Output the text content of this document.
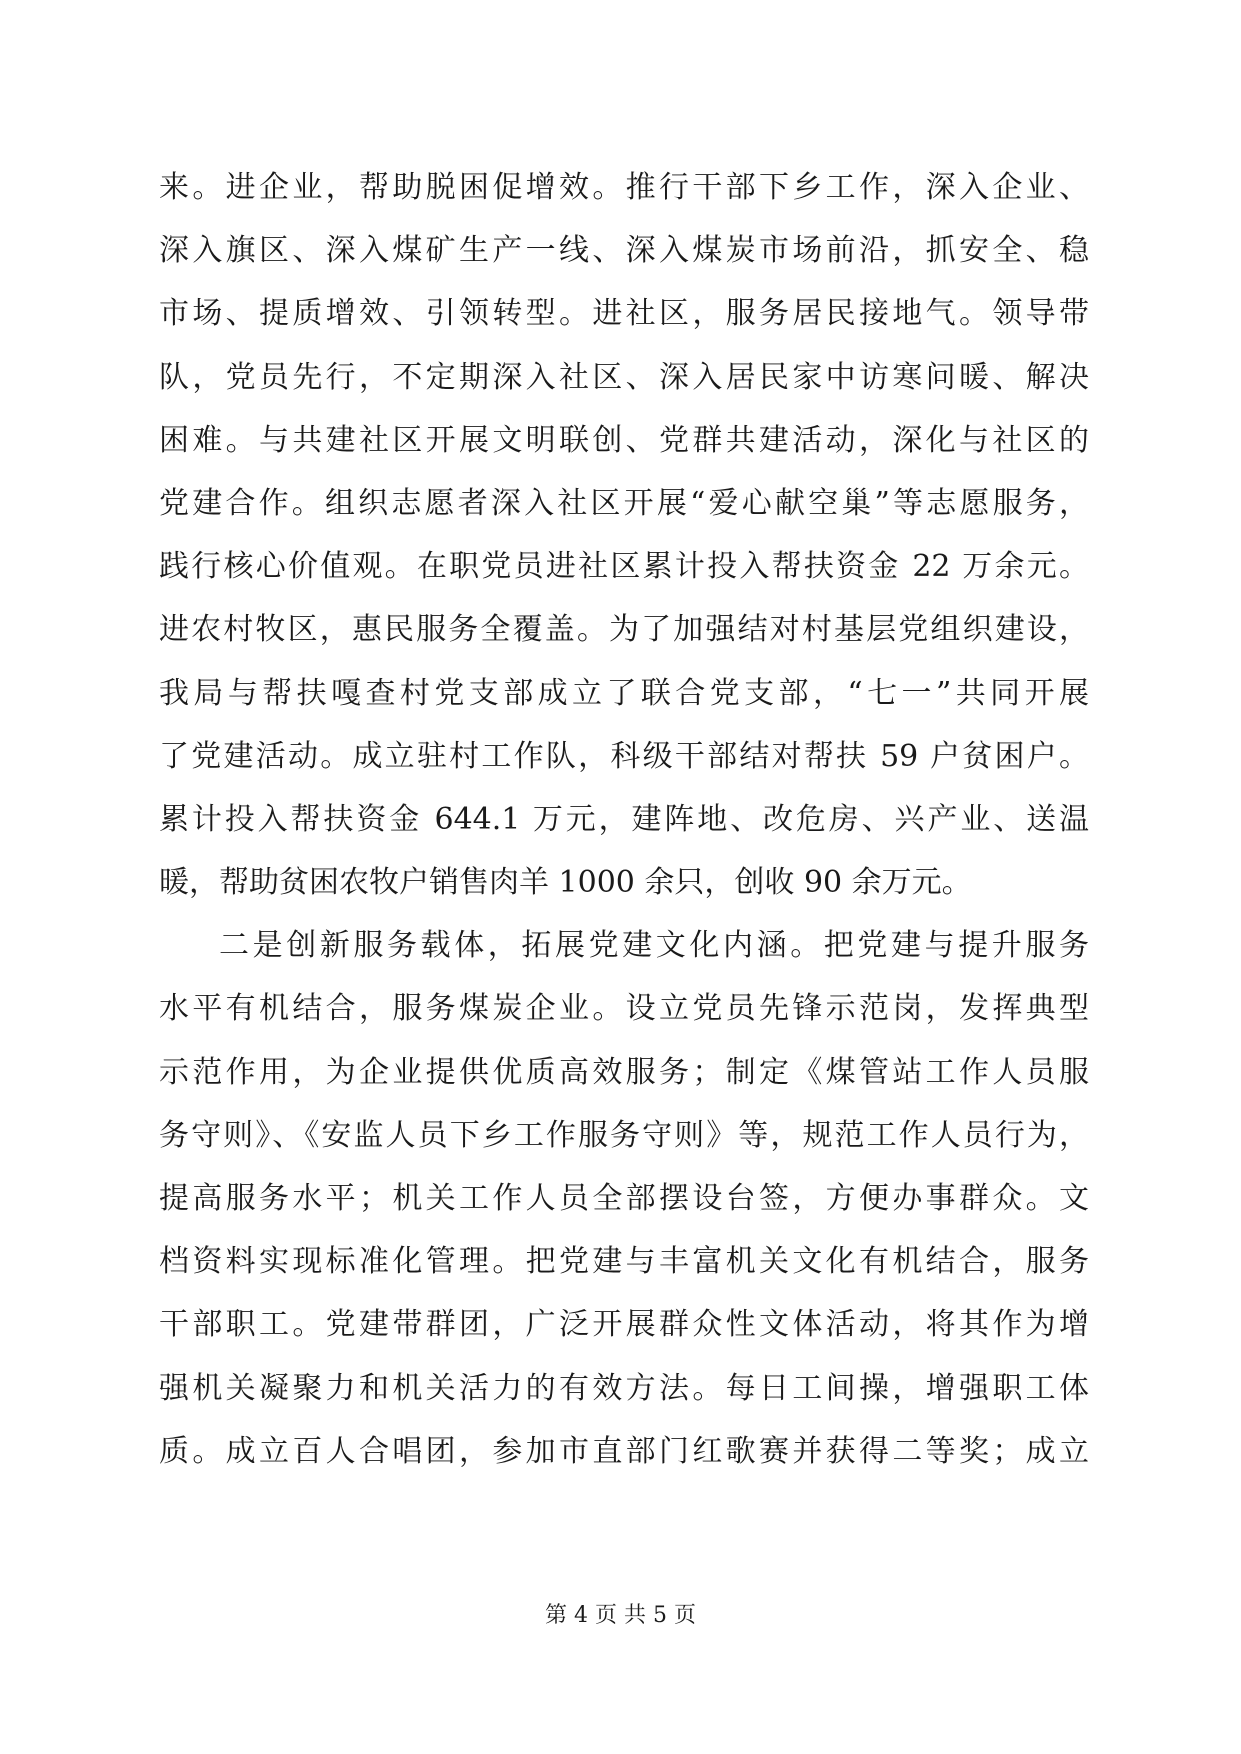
来。进企业，帮助脱困促增效。推行干部下乡工作，深入企业、
深入旗区、深入煤矿生产一线、深入煤炭市场前沿，抓安全、稳
市场、提质增效、引领转型。进社区，服务居民接地气。领导带
队，党员先行，不定期深入社区、深入居民家中访寒问暖、解决
困难。与共建社区开展文明联创、党群共建活动，深化与社区的
党建合作。组织志愿者深入社区开展“爱心献空巢”等志愿服务，
践行核心价值观。在职党员进社区累计投入帮扶资金 22 万余元。
进农村牧区，惠民服务全覆盖。为了加强结对村基层党组织建设，
我局与帮扶嘎查村党支部成立了联合党支部，“七一”共同开展
了党建活动。成立驻村工作队，科级干部结对帮扶 59 户贫困户。
累计投入帮扶资金 644.1 万元，建阵地、改危房、兴产业、送温
暖，帮助贫困农牧户销售肉羊 1000 余只，创收 90 余万元。
二是创新服务载体，拓展党建文化内涵。把党建与提升服务
水平有机结合，服务煤炭企业。设立党员先锋示范岗，发挥典型
示范作用，为企业提供优质高效服务；制定《煤管站工作人员服
务守则》、《安监人员下乡工作服务守则》等，规范工作人员行为，
提高服务水平；机关工作人员全部摆设台签，方便办事群众。文
档资料实现标准化管理。把党建与丰富机关文化有机结合，服务
干部职工。党建带群团，广泛开展群众性文体活动，将其作为增
强机关凝聚力和机关活力的有效方法。每日工间操，增强职工体
质。成立百人合唱团，参加市直部门红歌赛并获得二等奖；成立
第 4 页 共 5 页
